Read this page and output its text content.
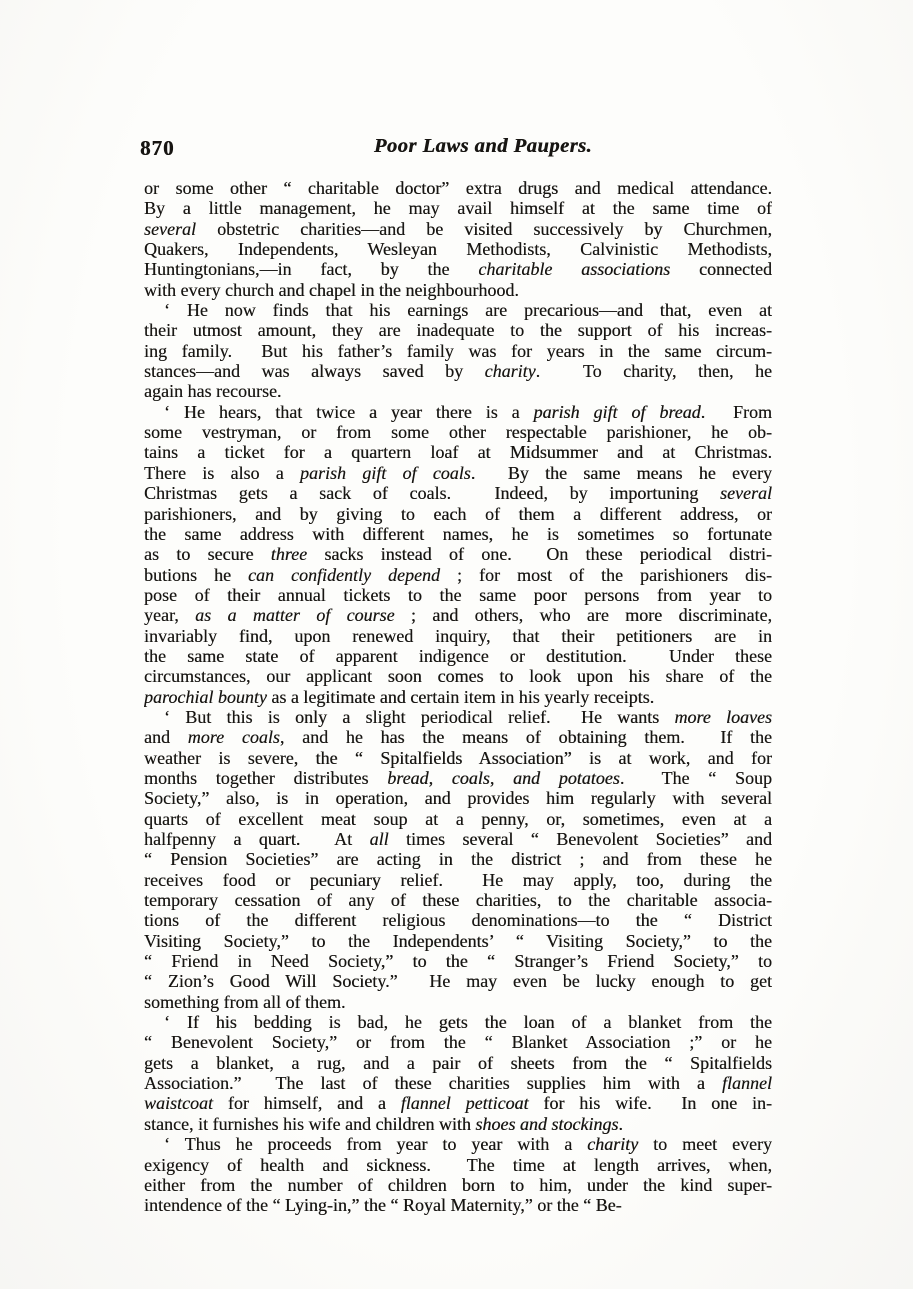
870	Poor Laws and Paupers.
or some other “ charitable doctor” extra drugs and medical attendance.
By a little management, he may avail himself at the same time of
several obstetric charities—and be visited successively by Churchmen,
Quakers, Independents, Wesleyan Methodists, Calvinistic Methodists,
Huntingtonians,—in fact, by the charitable associations connected
with every church and chapel in the neighbourhood.
‘ He now finds that his earnings are precarious—and that, even at
their utmost amount, they are inadequate to the support of his increas-
ing family.  But his father’s family was for years in the same circum-
stances—and was always saved by charity.  To charity, then, he
again has recourse.
‘ He hears, that twice a year there is a parish gift of bread.  From
some vestryman, or from some other respectable parishioner, he ob-
tains a ticket for a quartern loaf at Midsummer and at Christmas.
There is also a parish gift of coals.  By the same means he every
Christmas gets a sack of coals.  Indeed, by importuning several
parishioners, and by giving to each of them a different address, or
the same address with different names, he is sometimes so fortunate
as to secure three sacks instead of one.  On these periodical distri-
butions he can confidently depend ; for most of the parishioners dis-
pose of their annual tickets to the same poor persons from year to
year, as a matter of course ; and others, who are more discriminate,
invariably find, upon renewed inquiry, that their petitioners are in
the same state of apparent indigence or destitution.  Under these
circumstances, our applicant soon comes to look upon his share of the
parochial bounty as a legitimate and certain item in his yearly receipts.
‘ But this is only a slight periodical relief.  He wants more loaves
and more coals, and he has the means of obtaining them.  If the
weather is severe, the “ Spitalfields Association” is at work, and for
months together distributes bread, coals, and potatoes.  The “ Soup
Society,” also, is in operation, and provides him regularly with several
quarts of excellent meat soup at a penny, or, sometimes, even at a
halfpenny a quart.  At all times several “ Benevolent Societies” and
“ Pension Societies” are acting in the district ; and from these he
receives food or pecuniary relief.  He may apply, too, during the
temporary cessation of any of these charities, to the charitable associa-
tions of the different religious denominations—to the “ District
Visiting Society,” to the Independents’ “ Visiting Society,” to the
“ Friend in Need Society,” to the “ Stranger’s Friend Society,” to
“ Zion’s Good Will Society.”  He may even be lucky enough to get
something from all of them.
‘ If his bedding is bad, he gets the loan of a blanket from the
“ Benevolent Society,” or from the “ Blanket Association ;” or he
gets a blanket, a rug, and a pair of sheets from the “ Spitalfields
Association.”  The last of these charities supplies him with a flannel
waistcoat for himself, and a flannel petticoat for his wife.  In one in-
stance, it furnishes his wife and children with shoes and stockings.
‘ Thus he proceeds from year to year with a charity to meet every
exigency of health and sickness.  The time at length arrives, when,
either from the number of children born to him, under the kind super-
intendence of the “ Lying-in,” the “ Royal Maternity,” or the “ Be-
